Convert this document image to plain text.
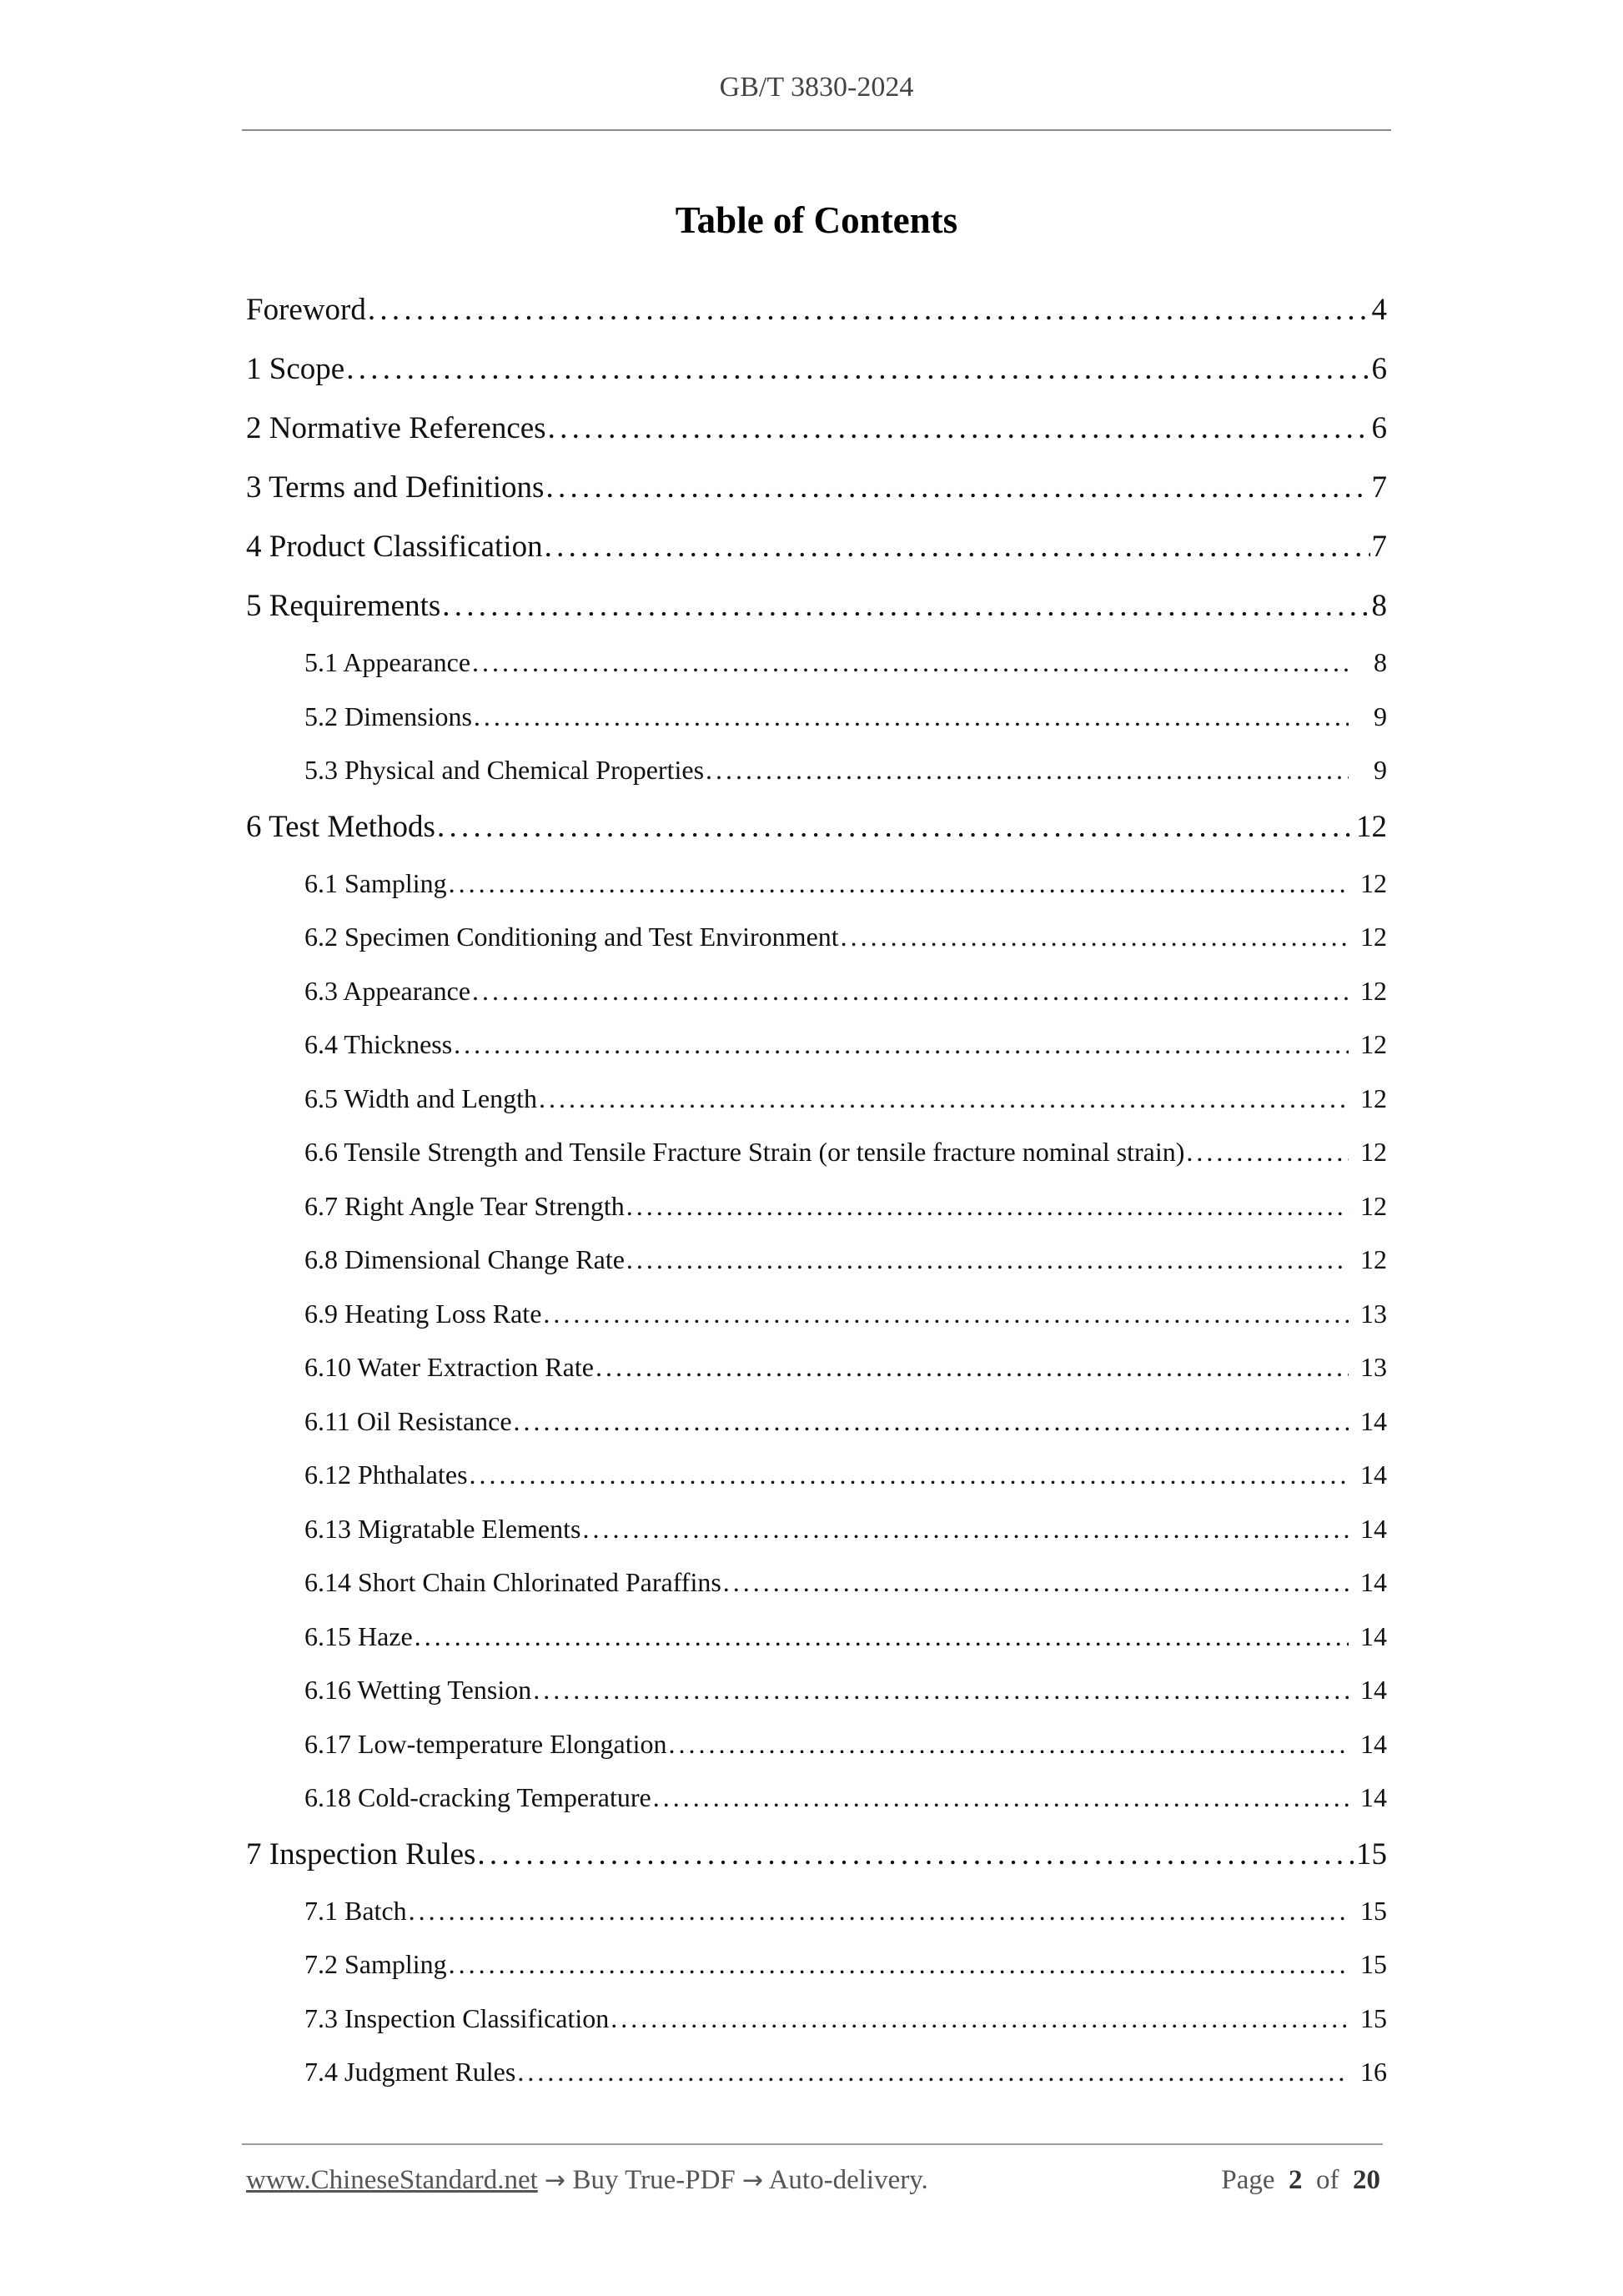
GB/T 3830-2024
Table of Contents
Foreword . . .	4
1 Scope . . .	6
2 Normative References . . .	6
3 Terms and Definitions . . .	7
4 Product Classification . . .	7
5 Requirements . . .	8
5.1 Appearance . . .	8
5.2 Dimensions . . .	9
5.3 Physical and Chemical Properties . . .	9
6 Test Methods . . .	12
6.1 Sampling . . .	12
6.2 Specimen Conditioning and Test Environment . . .	12
6.3 Appearance . . .	12
6.4 Thickness . . .	12
6.5 Width and Length . . .	12
6.6 Tensile Strength and Tensile Fracture Strain (or tensile fracture nominal strain) . . .	12
6.7 Right Angle Tear Strength . . .	12
6.8 Dimensional Change Rate . . .	12
6.9 Heating Loss Rate . . .	13
6.10 Water Extraction Rate . . .	13
6.11 Oil Resistance . . .	14
6.12 Phthalates . . .	14
6.13 Migratable Elements . . .	14
6.14 Short Chain Chlorinated Paraffins . . .	14
6.15 Haze . . .	14
6.16 Wetting Tension . . .	14
6.17 Low-temperature Elongation . . .	14
6.18 Cold-cracking Temperature . . .	14
7 Inspection Rules . . .	15
7.1 Batch . . .	15
7.2 Sampling . . .	15
7.3 Inspection Classification . . .	15
7.4 Judgment Rules . . .	16
www.ChineseStandard.net → Buy True-PDF → Auto-delivery.	Page 2 of 20
